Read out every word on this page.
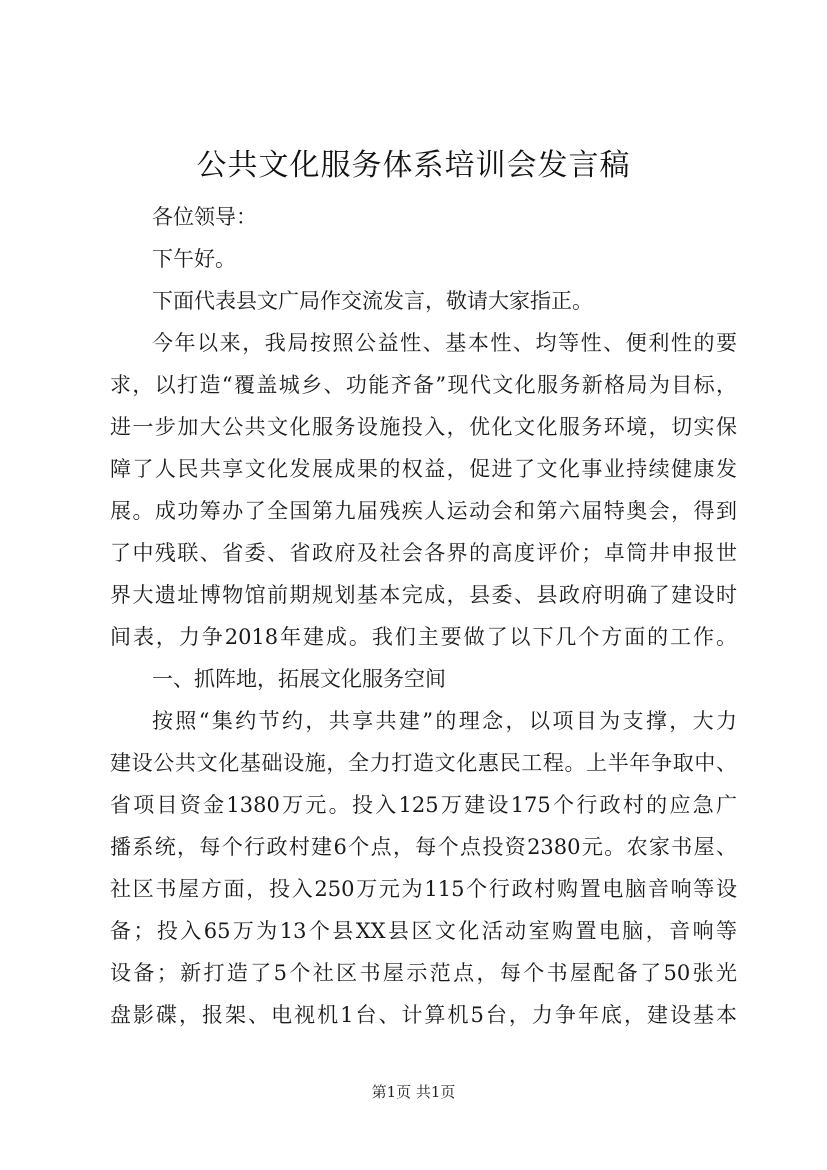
公共文化服务体系培训会发言稿
各位领导：
下午好。
下面代表县文广局作交流发言，敬请大家指正。
今年以来，我局按照公益性、基本性、均等性、便利性的要
求，以打造“覆盖城乡、功能齐备”现代文化服务新格局为目标，
进一步加大公共文化服务设施投入，优化文化服务环境，切实保
障了人民共享文化发展成果的权益，促进了文化事业持续健康发
展。成功筹办了全国第九届残疾人运动会和第六届特奥会，得到
了中残联、省委、省政府及社会各界的高度评价；卓筒井申报世
界大遗址博物馆前期规划基本完成，县委、县政府明确了建设时
间表，力争2018年建成。我们主要做了以下几个方面的工作。
一、抓阵地，拓展文化服务空间
按照“集约节约，共享共建”的理念，以项目为支撑，大力
建设公共文化基础设施，全力打造文化惠民工程。上半年争取中、
省项目资金1380万元。投入125万建设175个行政村的应急广
播系统，每个行政村建6个点，每个点投资2380元。农家书屋、
社区书屋方面，投入250万元为115个行政村购置电脑音响等设
备；投入65万为13个县XX县区文化活动室购置电脑，音响等
设备；新打造了5个社区书屋示范点，每个书屋配备了50张光
盘影碟，报架、电视机1台、计算机5台，力争年底，建设基本
第1页 共1页
